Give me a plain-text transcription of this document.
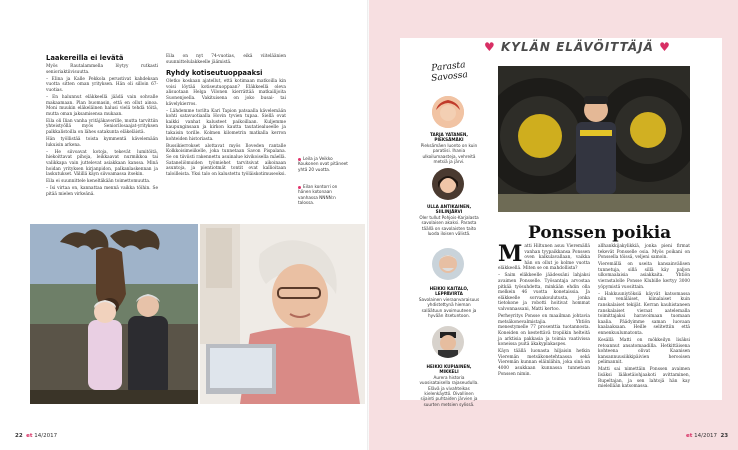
Laakereilla ei levätä

Myös Rautalammella löytyy rutkasti senioriaktiivisuutta.

– Elina ja Kalle Pekkola perustivat kahdeksan vuotta sitten oman yrityksen. Hän oli silloin 67-vuotias.

– En halunnut eläkkeellä jäädä vain sohvalle makaamaan. Plan buomasin, että en ollut ainoa. Moni muukin eläkeläinen halusi vielä tehdä töitä, mutta oman jaksamisensa mukaan.

Eila oli Ilian vanha yritäjäkaverille, mutta tarvittiin yhteistyöllä myös Seniorilosaajat-yrityksen palkkalistoilla on lähes satakunta eläkeläistä.

Hän työllistää toista kymmentä kävelemään lukuisin arkena.

– He siivoavat kotoja, tekevät lumitöitä, hiekoittavat pihoja, leikkaavat nurmikkoa tai valikkapa vain juttelevat asiakkaan kanssa. Minä hoidan yrityksen kirjanpidon, palkanlaskennan ja laskutukset. Välillä käyn siivoamassa itsekin.

Eila ei suunnittele keneltäkään toimettomuutta.

– Isi virtaa on, kannattaa mennä vaikka töihin. Se pitää mielen virkeänä.

Eila on nyt 74-vuotias, eikä viiteläänien suunnittelulakkeelle jäämistä.

Ryhdy kotiseutuoppaaksi

Oletko koskaan ajatellut, että kotimaan matkoilla kin voisi löytää kotiseutuoppaan? Eläkkeellä oleva alisuotaan Helga Vilonen kierrättää matkailijoita Suonenjoella. Vakituisena on joko busai- tai kävelykierros.

– Lähdemme torilta Kari Tapion patsaalla kävelemään kohti satavuotiaalla Hovin tyvien tupaa. Siellä ovat kaikki vanhat kalusteet paikoillaan. Kuljemme kaupunginsaan ja kirkon kautta tautatiealueelle ja takaisin torille. Kolmen kilometrin matkalla kerron kohteiden historiasta.

Bussikierrokset alottavat myös Iloveden rantalle Kolkkoisimeiikelle, joka tunnetaan Savon Pispalana. Se on tiiviisti rakennettu asuinalue kivikoisella mäellä. Sataneliömuiden työmiehet tarvitsivat aikoinaan asuntoja, ja pientiotmät tontit ovat kallioitaan taloilleista. Yksi talo on kalustettu työläiskotimuseoksi.

Leila ja Veikko Koukonen ovat pitäneet yhtä 20 vuotta.
Eilan kontorri on hänen kotonaan vanhassa NNNN:n talossa.
22 et 14/2017
♥ KYLÄN ELÄVÖITTÄJÄ ♥
Parasta
Savossa
TARJA YATANEN, PIEKSÄMÄKI
Pieksämäen luonto on kuin paratiisi. Ihania ulkoilumaasteja, vehreitä metsiä ja järvi.
ULLA ANTIKAINEN, SIILINJÄRVI
Oler tullut Pohjois-Karjalasta savolaisen akaksi. Parasta täällä on savolaisten taito luoda iloisen välistä.
HEIKKI KAITALO, LEPPÄVIRTA
Savolainen vieraanvaraisuus yhdistettynä hieman saläätuun avoimuuteen ja hyvään itsetuntoon.
HEIKKI KUPIAINEN, MIKKELI
Aurera historia vuosisataisella rajaseudulla. Elävä ja vivahteikas kielenkäyttö. Oivallinen sijainti puhtaiden järvien ja suurten metsien sylissä.
Ponssen poikia

Matti Hiltunen asuu Vieremällä vanhan tyypaikkansa Ponssen oven kalkulavallaan, vaikka hän on ollut jo kolme vuotta eläkkeellä. Miten se on mahdollista?

– Saim eläkkeelle jäädessäni lahjaksi avaimen Ponsselle. Työsantaja arvostaa pitkää työsuhdetta, minkään ehdin olla melkein 46 vuotta konetaissia. Ja eläkkeelle sorvaakoulutusta, jonka tietokone ja robotti hoitivat hommat valvonnassani, Matti kertoo.

Perheyritys Ponsse on maailman johtavia metsäkonevalmistajia. Yhtiön menestymelle 77 prosenttia tuotannosta. Koneiden on kestettävä tropiikin helteitä ja arktisia pakkasia ja toimia vaativissa koneissa puitä äkakyplakaspes.

Käyn täällä luonasta hiljaisin hetkin Vieremän metsäkonetehtaassa sekä Vieremän kunnan eläinlähin, joka sinä on 4000 asukkaan kunnassa tunnetaan Ponssen nimin.

allhankkijakylikkiä, jonka pieni firmat tekevät Ponsselle osia. Myös poikani on Ponssella töissä, veljeni samoin.

Vieremällä on useita kansainvälisen tunnetuja, sillä sillä käy paljon ulkomaalaisia asiakkaita. Yhtiön vierastalolle Ponsse Klubille kertyy 3000 yöpymistä vuosittain.

– Hakkuuniytöksiä käyvät katsomassa niin venäläiset, kiinalaiset kuin ranskalaiset tekijät. Kerran kauhistaneen ranskalaiset vieraat aatelemalla toimittajaksi haravoimaan tuomaan kaalia. Päädyimme saman luovaan kaalaaksaan. Heille selitettiin että ennenkuulumatonta.

Kesällä Matti on mökkeilyn lisäksi retoannut ansatomaadilla. Hetkittäisena kohteena olivat Kaanisen kansannuusiikkipäivien herooisen pelimannit.

Matti sai nimettäin Ponssen avaimen lisäksi lääketäiohjaakoti avittaminen, Rupeltajan, ja sen lahtojä hän kay mielellään katsomassa.

et 14/2017 23
